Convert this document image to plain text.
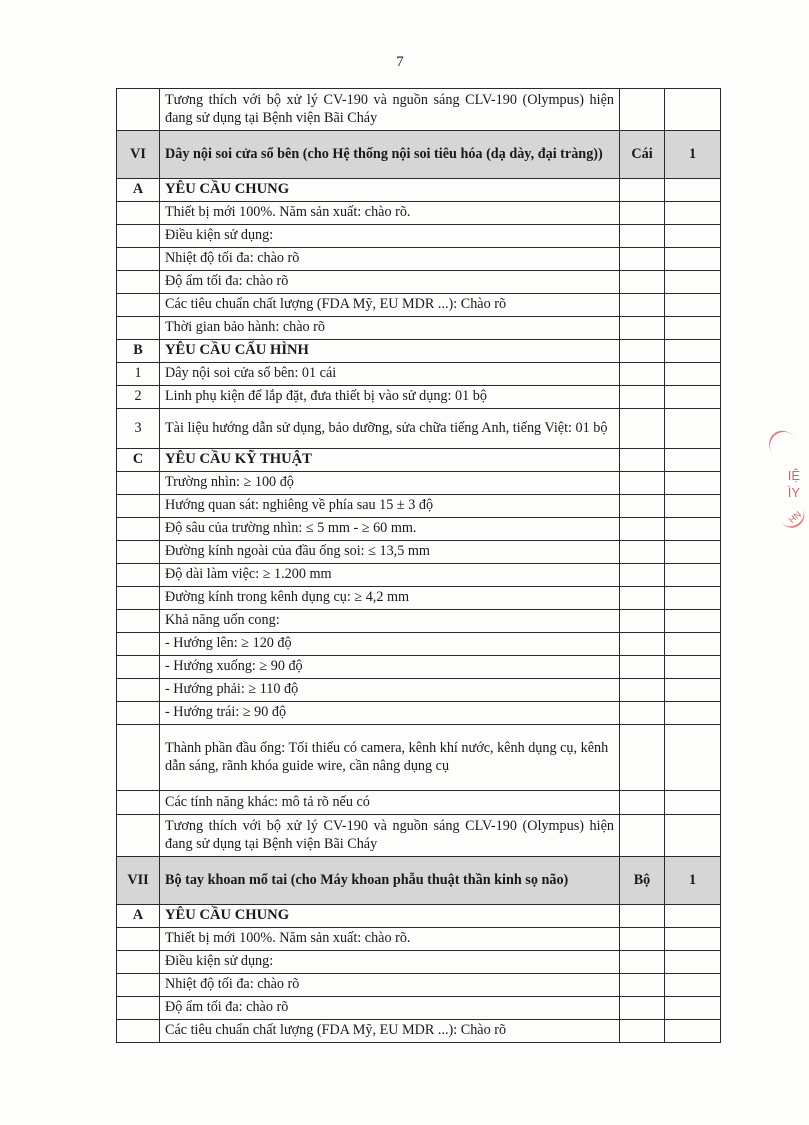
7
	Tương thích với bộ xử lý CV-190 và nguồn sáng CLV-190 (Olympus) hiện đang sử dụng tại Bệnh viện Bãi Cháy		
VI	Dây nội soi cửa sổ bên (cho Hệ thống nội soi tiêu hóa (dạ dày, đại tràng))	Cái	1
A	YÊU CẦU CHUNG		
	Thiết bị mới 100%. Năm sản xuất: chào rõ.		
	Điều kiện sử dụng:		
	Nhiệt độ tối đa: chào rõ		
	Độ ẩm tối đa: chào rõ		
	Các tiêu chuẩn chất lượng (FDA Mỹ, EU MDR ...): Chào rõ		
	Thời gian bảo hành: chào rõ		
B	YÊU CẦU CẤU HÌNH		
1	Dây nội soi cửa sổ bên: 01 cái		
2	Linh phụ kiện để lắp đặt, đưa thiết bị vào sử dụng: 01 bộ		
3	Tài liệu hướng dẫn sử dụng, bảo dưỡng, sửa chữa tiếng Anh, tiếng Việt: 01 bộ		
C	YÊU CẦU KỸ THUẬT		
	Trường nhìn: ≥ 100 độ		
	Hướng quan sát: nghiêng về phía sau 15 ± 3 độ		
	Độ sâu của trường nhìn: ≤ 5 mm - ≥ 60 mm.		
	Đường kính ngoài của đầu ống soi: ≤ 13,5 mm		
	Độ dài làm việc: ≥ 1.200 mm		
	Đường kính trong kênh dụng cụ: ≥ 4,2 mm		
	Khả năng uốn cong:		
	- Hướng lên: ≥ 120 độ		
	- Hướng xuống: ≥ 90 độ		
	- Hướng phải: ≥ 110 độ		
	- Hướng trái: ≥ 90 độ		
	Thành phần đầu ống: Tối thiểu có camera, kênh khí nước, kênh dụng cụ, kênh dẫn sáng, rãnh khóa guide wire, cần nâng dụng cụ		
	Các tính năng khác: mô tả rõ nếu có		
	Tương thích với bộ xử lý CV-190 và nguồn sáng CLV-190 (Olympus) hiện đang sử dụng tại Bệnh viện Bãi Cháy		
VII	Bộ tay khoan mổ tai (cho Máy khoan phẫu thuật thần kinh sọ não)	Bộ	1
A	YÊU CẦU CHUNG		
	Thiết bị mới 100%. Năm sản xuất: chào rõ.		
	Điều kiện sử dụng:		
	Nhiệt độ tối đa: chào rõ		
	Độ ẩm tối đa: chào rõ		
	Các tiêu chuẩn chất lượng (FDA Mỹ, EU MDR ...): Chào rõ		
IỆ
ÌY
HN
